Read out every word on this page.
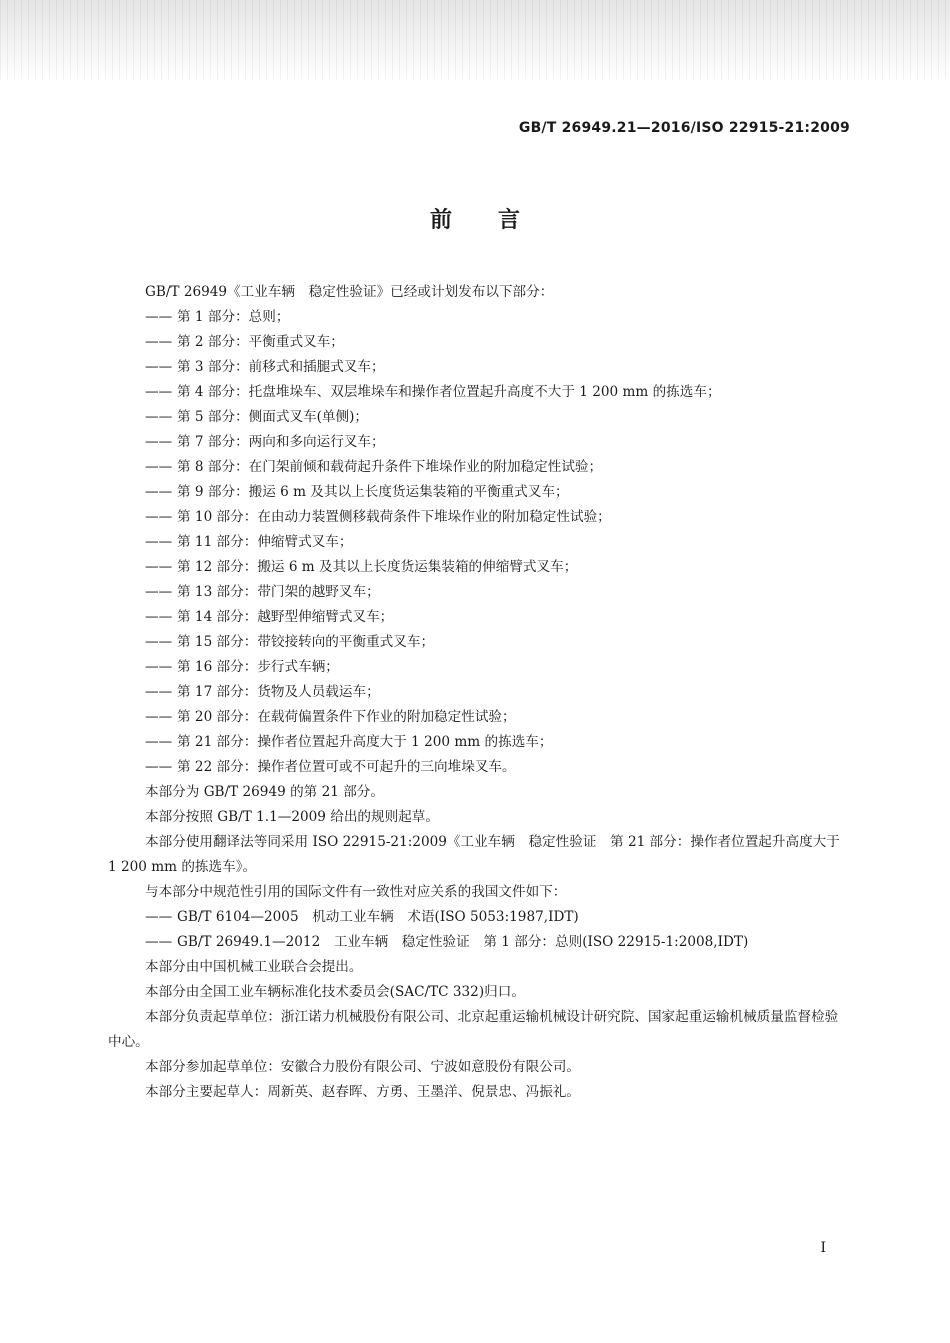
GB/T 26949.21—2016/ISO 22915-21:2009
前言

GB/T 26949《工业车辆　稳定性验证》已经或计划发布以下部分：

—— 第 1 部分：总则；
—— 第 2 部分：平衡重式叉车；
—— 第 3 部分：前移式和插腿式叉车；
—— 第 4 部分：托盘堆垛车、双层堆垛车和操作者位置起升高度不大于 1 200 mm 的拣选车；
—— 第 5 部分：侧面式叉车(单侧)；
—— 第 7 部分：两向和多向运行叉车；
—— 第 8 部分：在门架前倾和载荷起升条件下堆垛作业的附加稳定性试验；
—— 第 9 部分：搬运 6 m 及其以上长度货运集装箱的平衡重式叉车；
—— 第 10 部分：在由动力装置侧移载荷条件下堆垛作业的附加稳定性试验；
—— 第 11 部分：伸缩臂式叉车；
—— 第 12 部分：搬运 6 m 及其以上长度货运集装箱的伸缩臂式叉车；
—— 第 13 部分：带门架的越野叉车；
—— 第 14 部分：越野型伸缩臂式叉车；
—— 第 15 部分：带铰接转向的平衡重式叉车；
—— 第 16 部分：步行式车辆；
—— 第 17 部分：货物及人员载运车；
—— 第 20 部分：在载荷偏置条件下作业的附加稳定性试验；
—— 第 21 部分：操作者位置起升高度大于 1 200 mm 的拣选车；
—— 第 22 部分：操作者位置可或不可起升的三向堆垛叉车。

本部分为 GB/T 26949 的第 21 部分。

本部分按照 GB/T 1.1—2009 给出的规则起草。

本部分使用翻译法等同采用 ISO 22915-21:2009《工业车辆　稳定性验证　第 21 部分：操作者位置起升高度大于 1 200 mm 的拣选车》。

与本部分中规范性引用的国际文件有一致性对应关系的我国文件如下：

—— GB/T 6104—2005　机动工业车辆　术语(ISO 5053:1987,IDT)
—— GB/T 26949.1—2012　工业车辆　稳定性验证　第 1 部分：总则(ISO 22915-1:2008,IDT)

本部分由中国机械工业联合会提出。

本部分由全国工业车辆标准化技术委员会(SAC/TC 332)归口。

本部分负责起草单位：浙江诺力机械股份有限公司、北京起重运输机械设计研究院、国家起重运输机械质量监督检验中心。

本部分参加起草单位：安徽合力股份有限公司、宁波如意股份有限公司。

本部分主要起草人：周新英、赵春晖、方勇、王墨洋、倪景忠、冯振礼。

I
